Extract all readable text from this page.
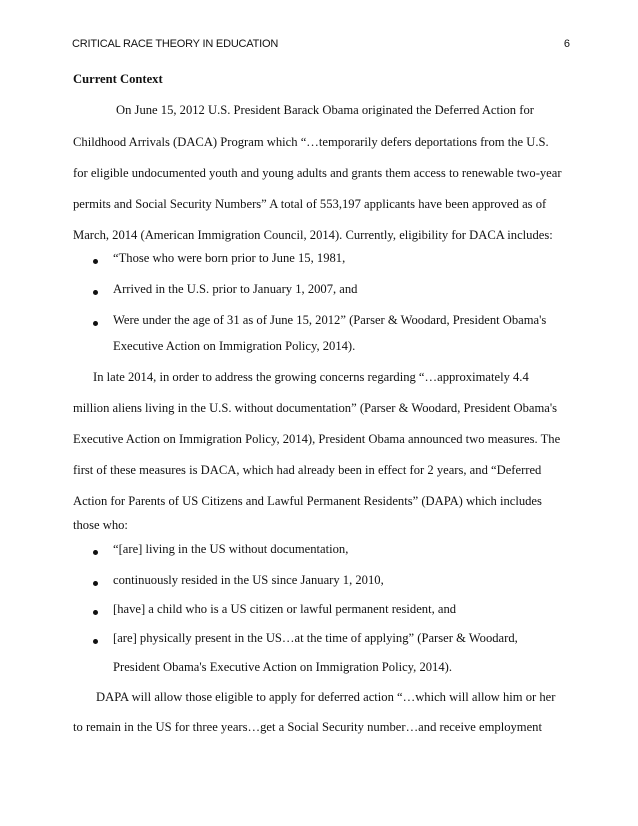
CRITICAL RACE THEORY IN EDUCATION	6
Current Context
On June 15, 2012 U.S. President Barack Obama originated the Deferred Action for
Childhood Arrivals (DACA) Program which “…temporarily defers deportations from the U.S.
for eligible undocumented youth and young adults and grants them access to renewable two-year
permits and Social Security Numbers” A total of 553,197 applicants have been approved as of
March, 2014 (American Immigration Council, 2014). Currently, eligibility for DACA includes:
“Those who were born prior to June 15, 1981,
Arrived in the U.S. prior to January 1, 2007, and
Were under the age of 31 as of June 15, 2012” (Parser & Woodard, President Obama's
Executive Action on Immigration Policy, 2014).
In late 2014, in order to address the growing concerns regarding “…approximately 4.4
million aliens living in the U.S. without documentation” (Parser & Woodard, President Obama's
Executive Action on Immigration Policy, 2014), President Obama announced two measures. The
first of these measures is DACA, which had already been in effect for 2 years, and “Deferred
Action for Parents of US Citizens and Lawful Permanent Residents” (DAPA) which includes
those who:
“[are] living in the US without documentation,
continuously resided in the US since January 1, 2010,
[have] a child who is a US citizen or lawful permanent resident, and
[are] physically present in the US…at the time of applying” (Parser & Woodard,
President Obama's Executive Action on Immigration Policy, 2014).
DAPA will allow those eligible to apply for deferred action “…which will allow him or her
to remain in the US for three years…get a Social Security number…and receive employment
